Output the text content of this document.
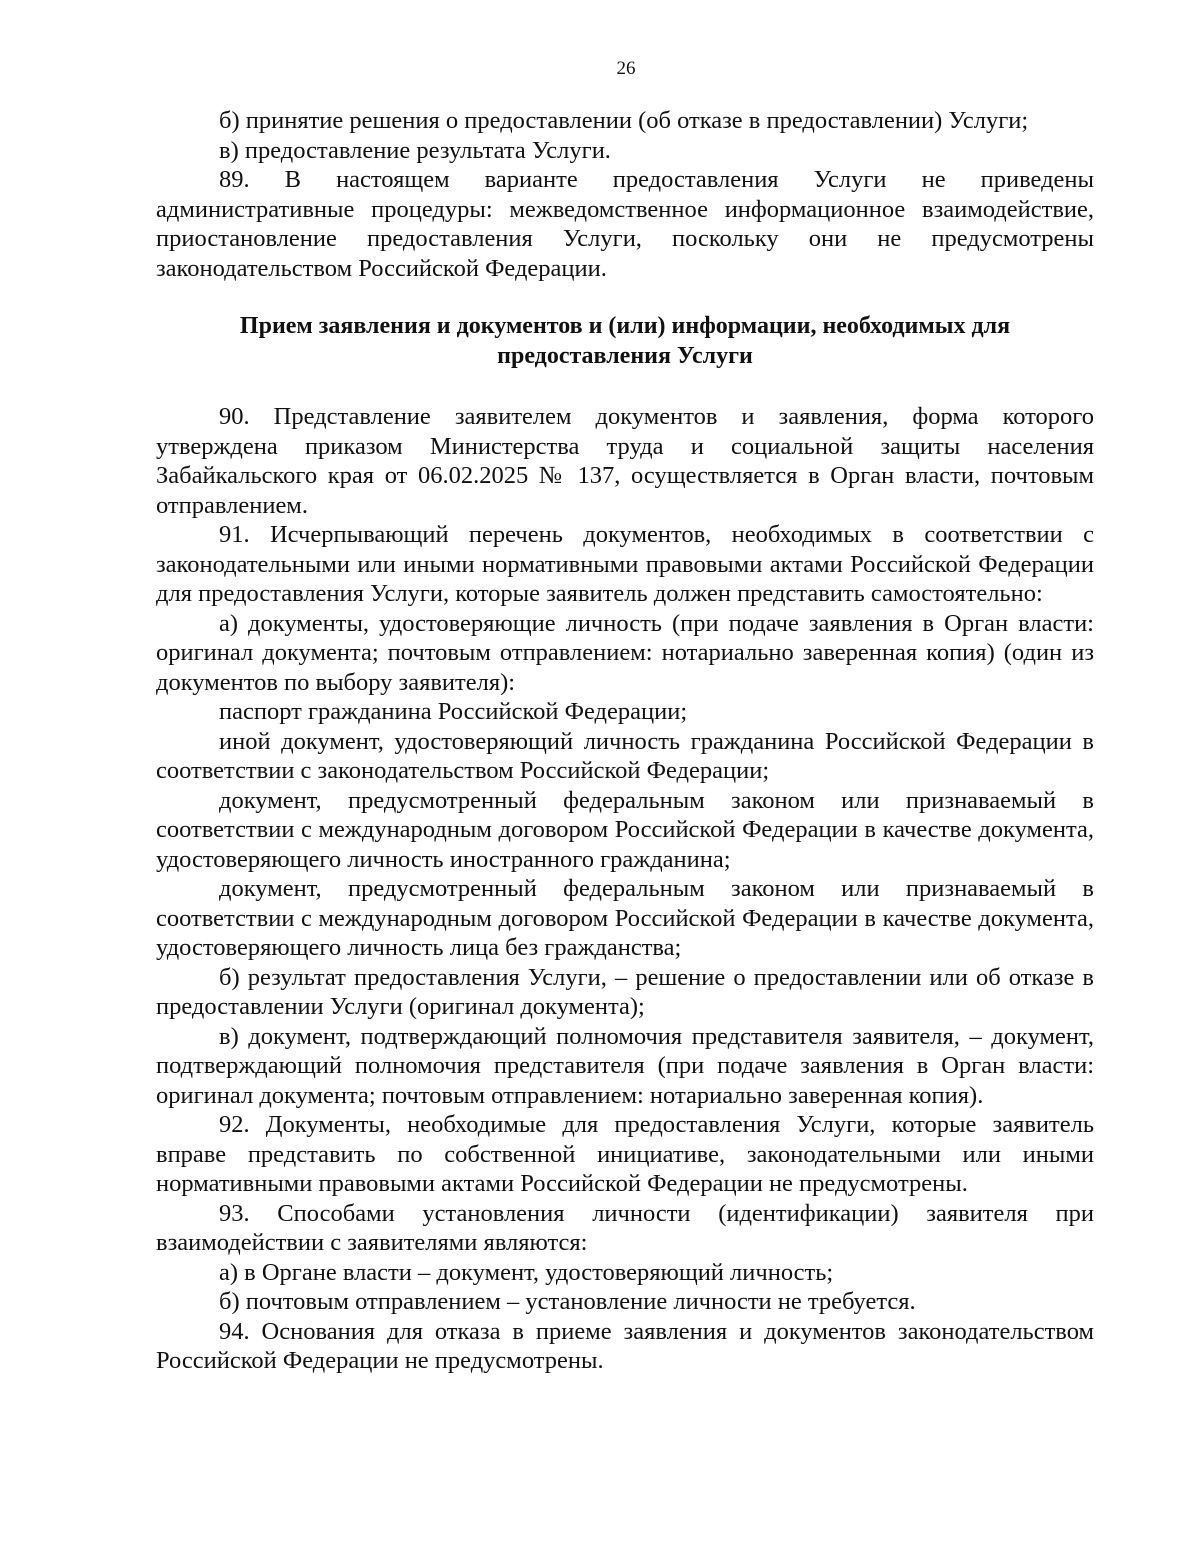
26

б) принятие решения о предоставлении (об отказе в предоставлении) Услуги;

в) предоставление результата Услуги.

89. В настоящем варианте предоставления Услуги не приведены административные процедуры: межведомственное информационное взаимодействие, приостановление предоставления Услуги, поскольку они не предусмотрены законодательством Российской Федерации.

Прием заявления и документов и (или) информации, необходимых для
предоставления Услуги

90. Представление заявителем документов и заявления, форма которого утверждена приказом Министерства труда и социальной защиты населения Забайкальского края от 06.02.2025 № 137, осуществляется в Орган власти, почтовым отправлением.

91. Исчерпывающий перечень документов, необходимых в соответствии с законодательными или иными нормативными правовыми актами Российской Федерации для предоставления Услуги, которые заявитель должен представить самостоятельно:

а) документы, удостоверяющие личность (при подаче заявления в Орган власти: оригинал документа; почтовым отправлением: нотариально заверенная копия) (один из документов по выбору заявителя):

паспорт гражданина Российской Федерации;

иной документ, удостоверяющий личность гражданина Российской Федерации в соответствии с законодательством Российской Федерации;

документ, предусмотренный федеральным законом или признаваемый в соответствии с международным договором Российской Федерации в качестве документа, удостоверяющего личность иностранного гражданина;

документ, предусмотренный федеральным законом или признаваемый в соответствии с международным договором Российской Федерации в качестве документа, удостоверяющего личность лица без гражданства;

б) результат предоставления Услуги, – решение о предоставлении или об отказе в предоставлении Услуги (оригинал документа);

в) документ, подтверждающий полномочия представителя заявителя, – документ, подтверждающий полномочия представителя (при подаче заявления в Орган власти: оригинал документа; почтовым отправлением: нотариально заверенная копия).

92. Документы, необходимые для предоставления Услуги, которые заявитель вправе представить по собственной инициативе, законодательными или иными нормативными правовыми актами Российской Федерации не предусмотрены.

93. Способами установления личности (идентификации) заявителя при взаимодействии с заявителями являются:

а) в Органе власти – документ, удостоверяющий личность;

б) почтовым отправлением – установление личности не требуется.

94. Основания для отказа в приеме заявления и документов законодательством Российской Федерации не предусмотрены.
